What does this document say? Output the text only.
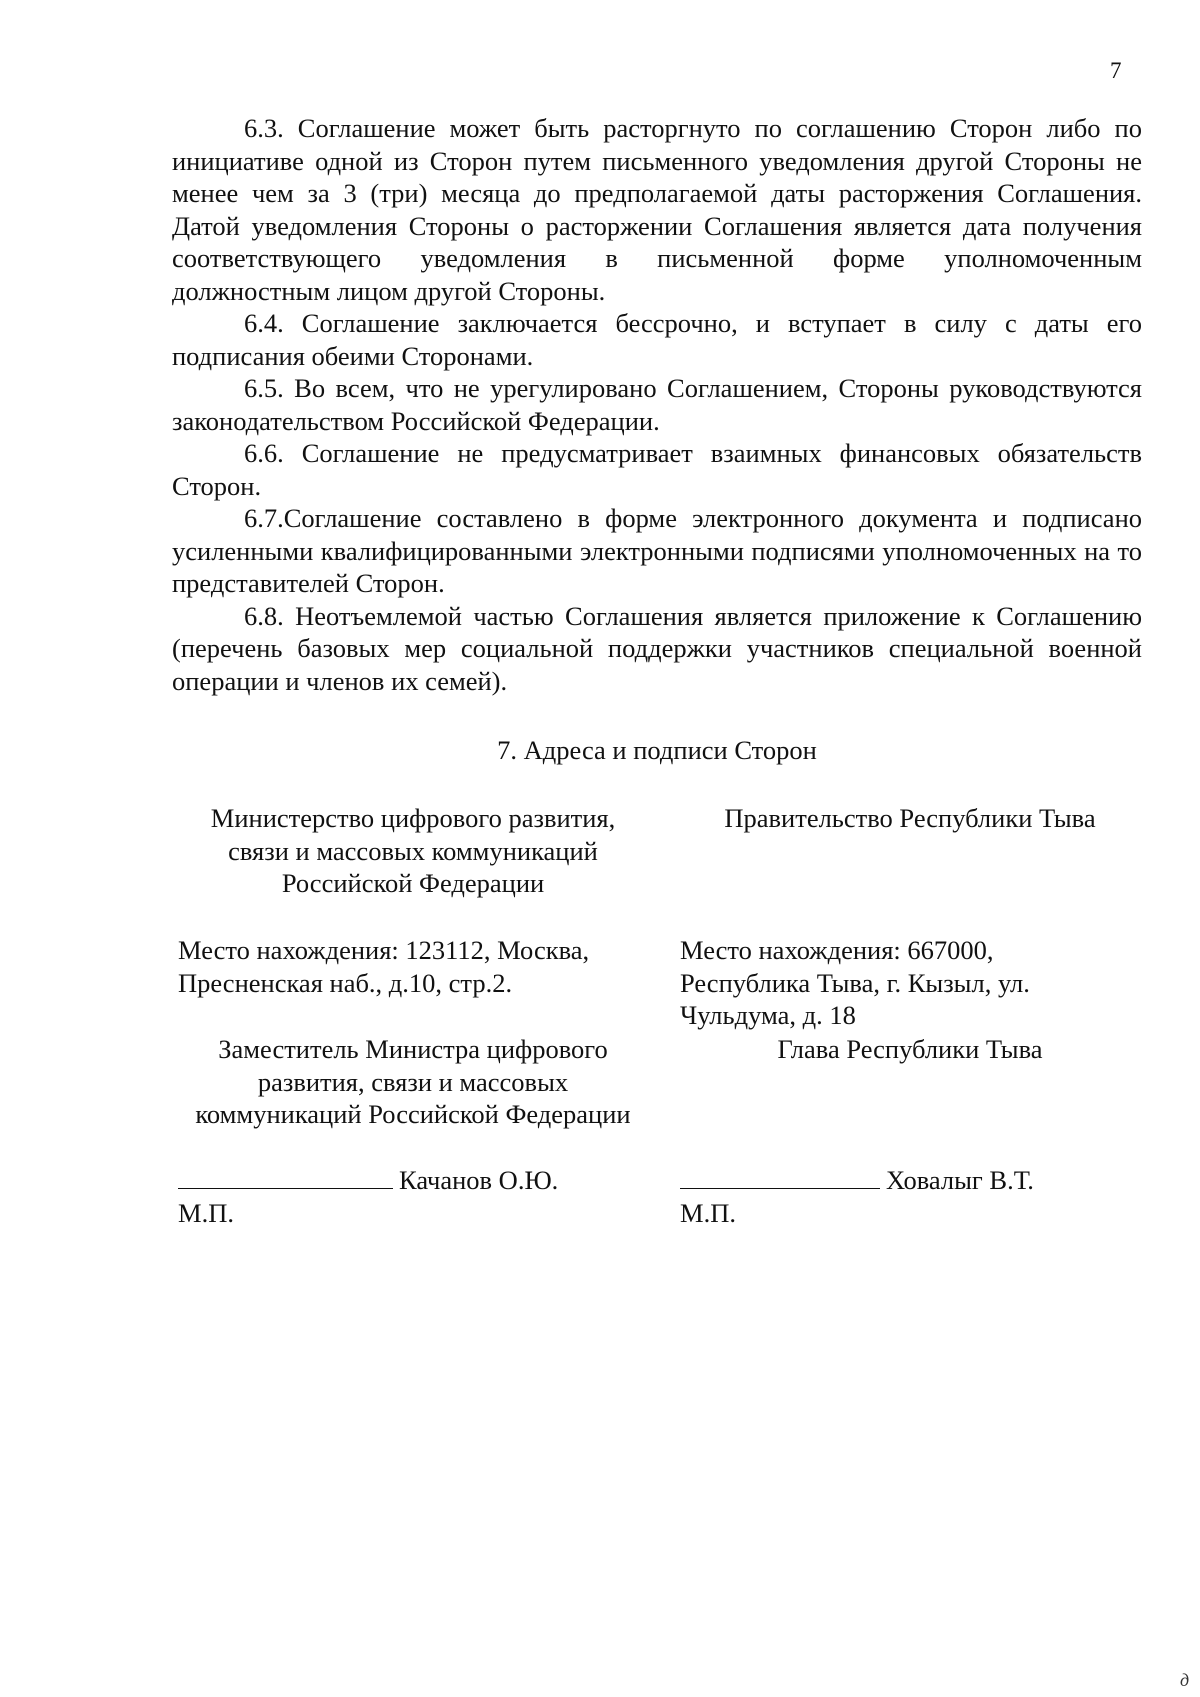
7

6.3. Соглашение может быть расторгнуто по соглашению Сторон либо по инициативе одной из Сторон путем письменного уведомления другой Стороны не менее чем за 3 (три) месяца до предполагаемой даты расторжения Соглашения. Датой уведомления Стороны о расторжении Соглашения является дата получения соответствующего уведомления в письменной форме уполномоченным должностным лицом другой Стороны.

6.4. Соглашение заключается бессрочно, и вступает в силу с даты его подписания обеими Сторонами.

6.5. Во всем, что не урегулировано Соглашением, Стороны руководствуются законодательством Российской Федерации.

6.6. Соглашение не предусматривает взаимных финансовых обязательств Сторон.

6.7.Соглашение составлено в форме электронного документа и подписано усиленными квалифицированными электронными подписями уполномоченных на то представителей Сторон.

6.8. Неотъемлемой частью Соглашения является приложение к Соглашению (перечень базовых мер социальной поддержки участников специальной военной операции и членов их семей).

7. Адреса и подписи Сторон
Министерство цифрового развития, связи и массовых коммуникаций Российской Федерации
Место нахождения: 123112, Москва, Пресненская наб., д.10, стр.2.
Заместитель Министра цифрового развития, связи и массовых коммуникаций Российской Федерации
Качанов О.Ю.
М.П.
Правительство Республики Тыва
Место нахождения: 667000, Республика Тыва, г. Кызыл, ул. Чульдума, д. 18
Глава Республики Тыва
Ховалыг В.Т.
М.П.
д
